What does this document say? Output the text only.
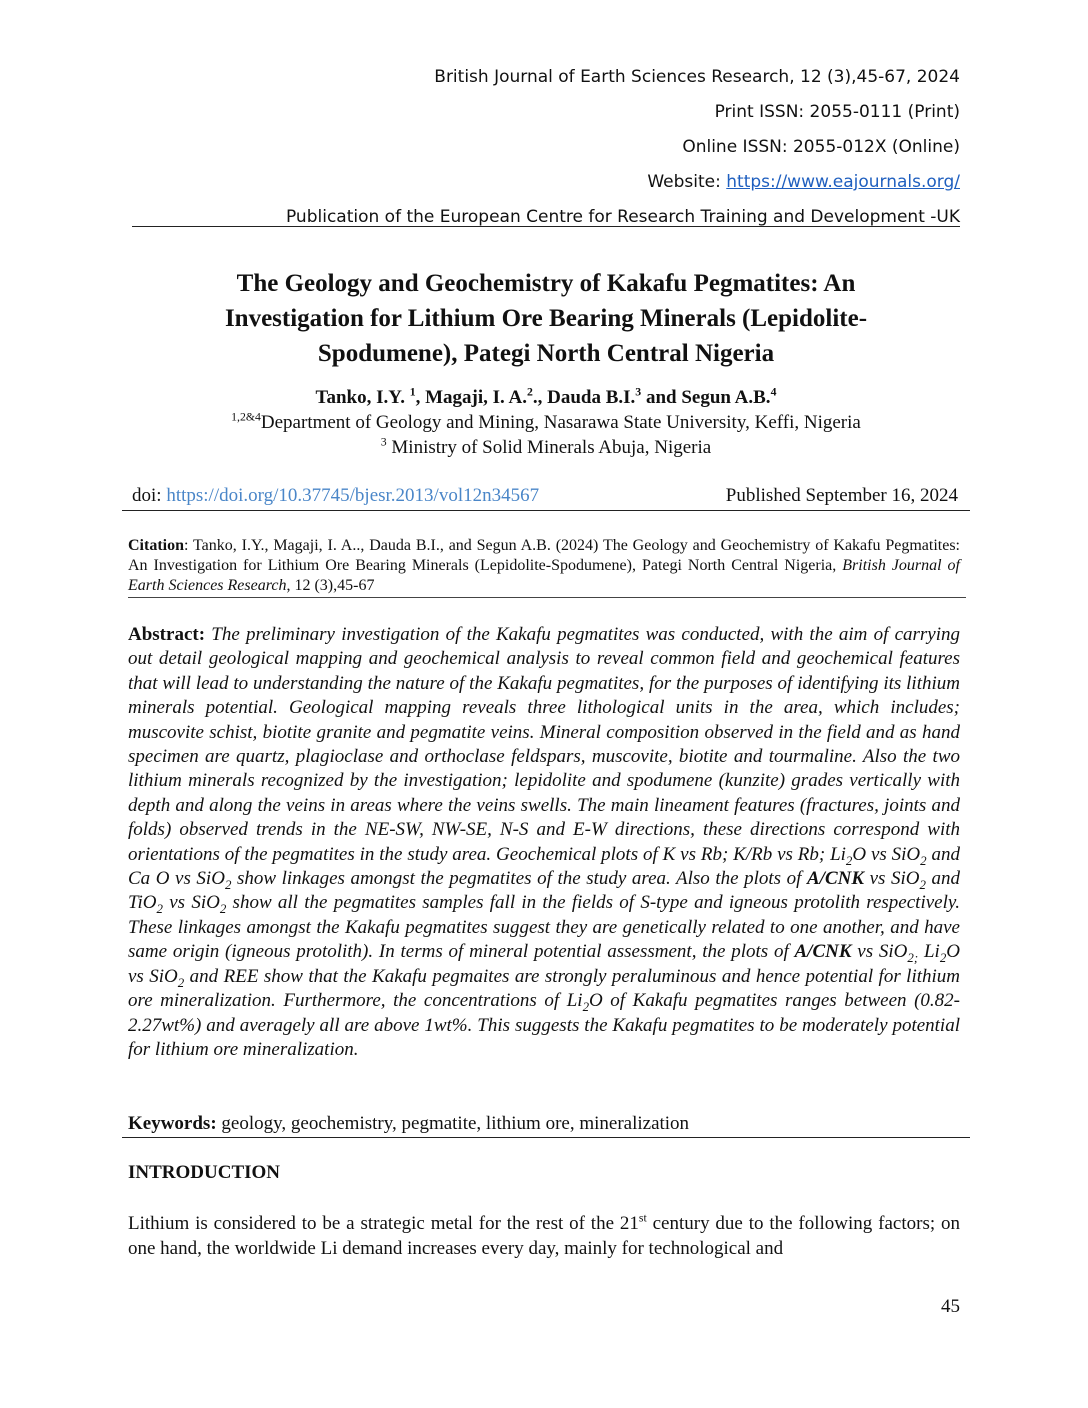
British Journal of Earth Sciences Research, 12 (3),45-67, 2024
Print ISSN: 2055-0111 (Print)
Online ISSN: 2055-012X (Online)
Website: https://www.eajournals.org/
Publication of the European Centre for Research Training and Development -UK
The Geology and Geochemistry of Kakafu Pegmatites: An
Investigation for Lithium Ore Bearing Minerals (Lepidolite-
Spodumene), Pategi North Central Nigeria
Tanko, I.Y. $^1$, Magaji, I. A.$^2$., Dauda B.I.$^3$ and Segun A.B.$^4$
$^{1,2\&4}$Department of Geology and Mining, Nasarawa State University, Keffi, Nigeria
$^3$ Ministry of Solid Minerals Abuja, Nigeria
doi: https://doi.org/10.37745/bjesr.2013/vol12n34567	Published September 16, 2024
Citation: Tanko, I.Y., Magaji, I. A.., Dauda B.I., and Segun A.B. (2024) The Geology and Geochemistry of Kakafu Pegmatites: An Investigation for Lithium Ore Bearing Minerals (Lepidolite-Spodumene), Pategi North Central Nigeria, British Journal of Earth Sciences Research, 12 (3),45-67
Abstract: The preliminary investigation of the Kakafu pegmatites was conducted, with the aim of carrying out detail geological mapping and geochemical analysis to reveal common field and geochemical features that will lead to understanding the nature of the Kakafu pegmatites, for the purposes of identifying its lithium minerals potential. Geological mapping reveals three lithological units in the area, which includes; muscovite schist, biotite granite and pegmatite veins. Mineral composition observed in the field and as hand specimen are quartz, plagioclase and orthoclase feldspars, muscovite, biotite and tourmaline. Also the two lithium minerals recognized by the investigation; lepidolite and spodumene (kunzite) grades vertically with depth and along the veins in areas where the veins swells. The main lineament features (fractures, joints and folds) observed trends in the NE-SW, NW-SE, N-S and E-W directions, these directions correspond with orientations of the pegmatites in the study area. Geochemical plots of K vs Rb; K/Rb vs Rb; $Li_2O$ vs SiO$_2$ and Ca O vs SiO$_2$ show linkages amongst the pegmatites of the study area. Also the plots of A/CNK vs SiO$_2$ and TiO$_2$ vs SiO$_2$ show all the pegmatites samples fall in the fields of S-type and igneous protolith respectively. These linkages amongst the Kakafu pegmatites suggest they are genetically related to one another, and have same origin (igneous protolith). In terms of mineral potential assessment, the plots of A/CNK vs SiO$_{2;}$ $Li_2O$ vs SiO$_2$ and REE show that the Kakafu pegmaites are strongly peraluminous and hence potential for lithium ore mineralization. Furthermore, the concentrations of $Li_2O$ of Kakafu pegmatites ranges between (0.82-2.27wt%) and averagely all are above 1wt%. This suggests the Kakafu pegmatites to be moderately potential for lithium ore mineralization.
Keywords: geology, geochemistry, pegmatite, lithium ore, mineralization
INTRODUCTION
Lithium is considered to be a strategic metal for the rest of the 21st century due to the following factors; on one hand, the worldwide Li demand increases every day, mainly for technological and
45
